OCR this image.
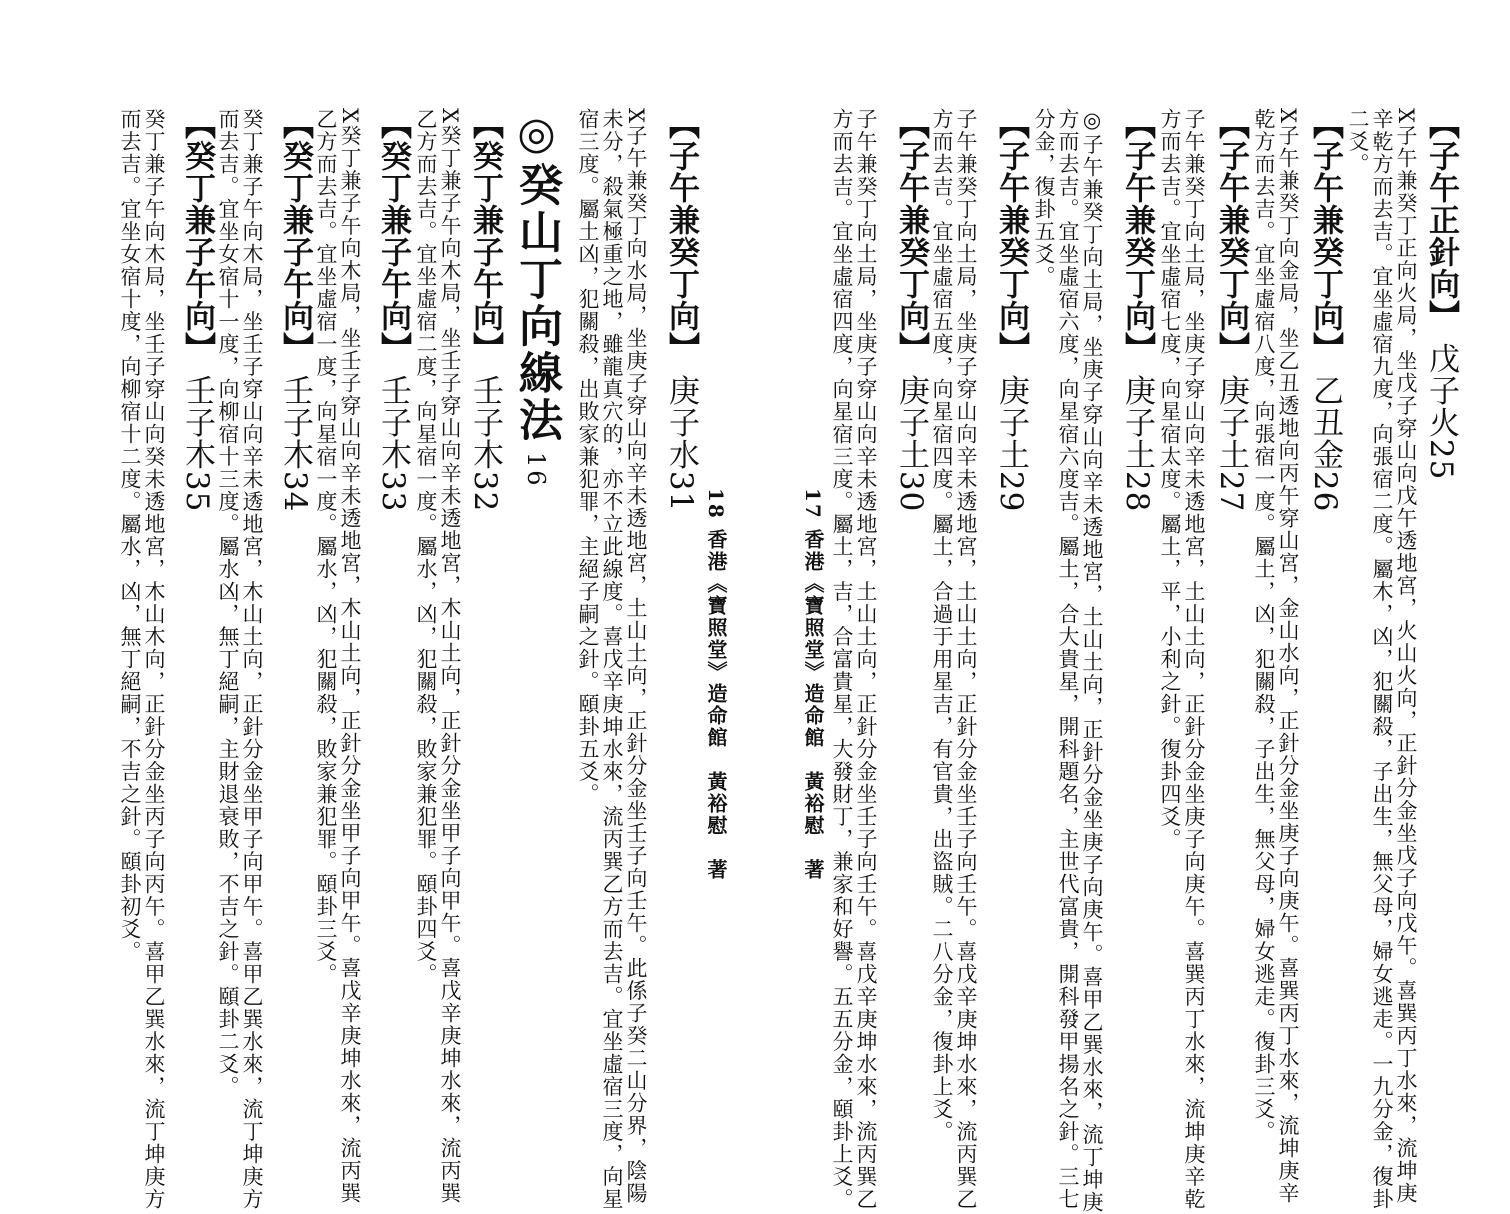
【子午正針向】 戊子火25
X子午兼癸丁正向火局，坐戊子穿山向戊午透地宮，火山火向，正針分金坐戊子向戊午。喜巽丙丁水來，流坤庚
辛乾方而去吉。宜坐虛宿九度，向張宿二度。屬木，凶，犯關殺，子出生，無父母，婦女逃走。一九分金，復卦
二爻。
【子午兼癸丁向】 乙丑金26
X子午兼癸丁向金局，坐乙丑透地向丙午穿山宮，金山水向，正針分金坐庚子向庚午。喜巽丙丁水來，流坤庚辛
乾方而去吉。宜坐虛宿八度，向張宿一度。屬土，凶，犯關殺，子出生，無父母，婦女逃走。復卦三爻。
【子午兼癸丁向】 庚子土27
子午兼癸丁向土局，坐庚子穿山向辛未透地宮，土山土向，正針分金坐庚子向庚午。喜巽丙丁水來，流坤庚辛乾
方而去吉。宜坐虛宿七度，向星宿太度。屬土，平，小利之針。復卦四爻。
【子午兼癸丁向】 庚子土28
◎子午兼癸丁向土局，坐庚子穿山向辛未透地宮，土山土向，正針分金坐庚子向庚午。喜甲乙巽水來，流丁坤庚
方而去吉。宜坐虛宿六度，向星宿六度吉。屬土，合大貴星，開科題名，主世代富貴，開科發甲揚名之針。三七
分金，復卦五爻。
【子午兼癸丁向】 庚子土29
子午兼癸丁向土局，坐庚子穿山向辛未透地宮，土山土向，正針分金坐壬子向壬午。喜戊辛庚坤水來，流丙巽乙
方而去吉。宜坐虛宿五度，向星宿四度。屬土，合過于用星吉，有官貴，出盜賊。二八分金，復卦上爻。
【子午兼癸丁向】 庚子土30
子午兼癸丁向土局，坐庚子穿山向辛未透地宮，土山土向，正針分金坐壬子向壬午。喜戊辛庚坤水來，流丙巽乙
方而去吉。宜坐虛宿四度，向星宿三度。屬土，吉，合富貴星，大發財丁，兼家和好譽。五五分金，頤卦上爻。
17 香港《寶照堂》造命館　黃裕慰　著
18 香港《寶照堂》造命館　黃裕慰　著
【子午兼癸丁向】 庚子水31
X子午兼癸丁向水局，坐庚子穿山向辛未透地宮，土山土向，正針分金坐壬子向壬午。此係子癸二山分界，陰陽
未分，殺氣極重之地，雖龍真穴的，亦不立此線度。喜戊辛庚坤水來，流丙巽乙方而去吉。宜坐虛宿三度，向星
宿三度。屬土凶，犯關殺，出敗家兼犯罪，主絕子嗣之針。頤卦五爻。
◎癸山丁向線法16
【癸丁兼子午向】 壬子木32
X癸丁兼子午向木局，坐壬子穿山向辛未透地宮，木山土向，正針分金坐甲子向甲午。喜戊辛庚坤水來，流丙巽
乙方而去吉。宜坐虛宿二度，向星宿一度。屬水，凶，犯關殺，敗家兼犯罪。頤卦四爻。
【癸丁兼子午向】 壬子木33
X癸丁兼子午向木局，坐壬子穿山向辛未透地宮，木山土向，正針分金坐甲子向甲午。喜戊辛庚坤水來，流丙巽
乙方而去吉。宜坐虛宿一度，向星宿一度。屬水，凶，犯關殺，敗家兼犯罪。頤卦三爻。
【癸丁兼子午向】 壬子木34
癸丁兼子午向木局，坐壬子穿山向辛未透地宮，木山土向，正針分金坐甲子向甲午。喜甲乙巽水來，流丁坤庚方
而去吉。宜坐女宿十一度，向柳宿十三度。屬水凶，無丁絕嗣，主財退衰敗，不吉之針。頤卦二爻。
【癸丁兼子午向】 壬子木35
癸丁兼子午向木局，坐壬子穿山向癸未透地宮，木山木向，正針分金坐丙子向丙午。喜甲乙巽水來，流丁坤庚方
而去吉。宜坐女宿十度，向柳宿十二度。屬水，凶，無丁絕嗣，不吉之針。頤卦初爻。
